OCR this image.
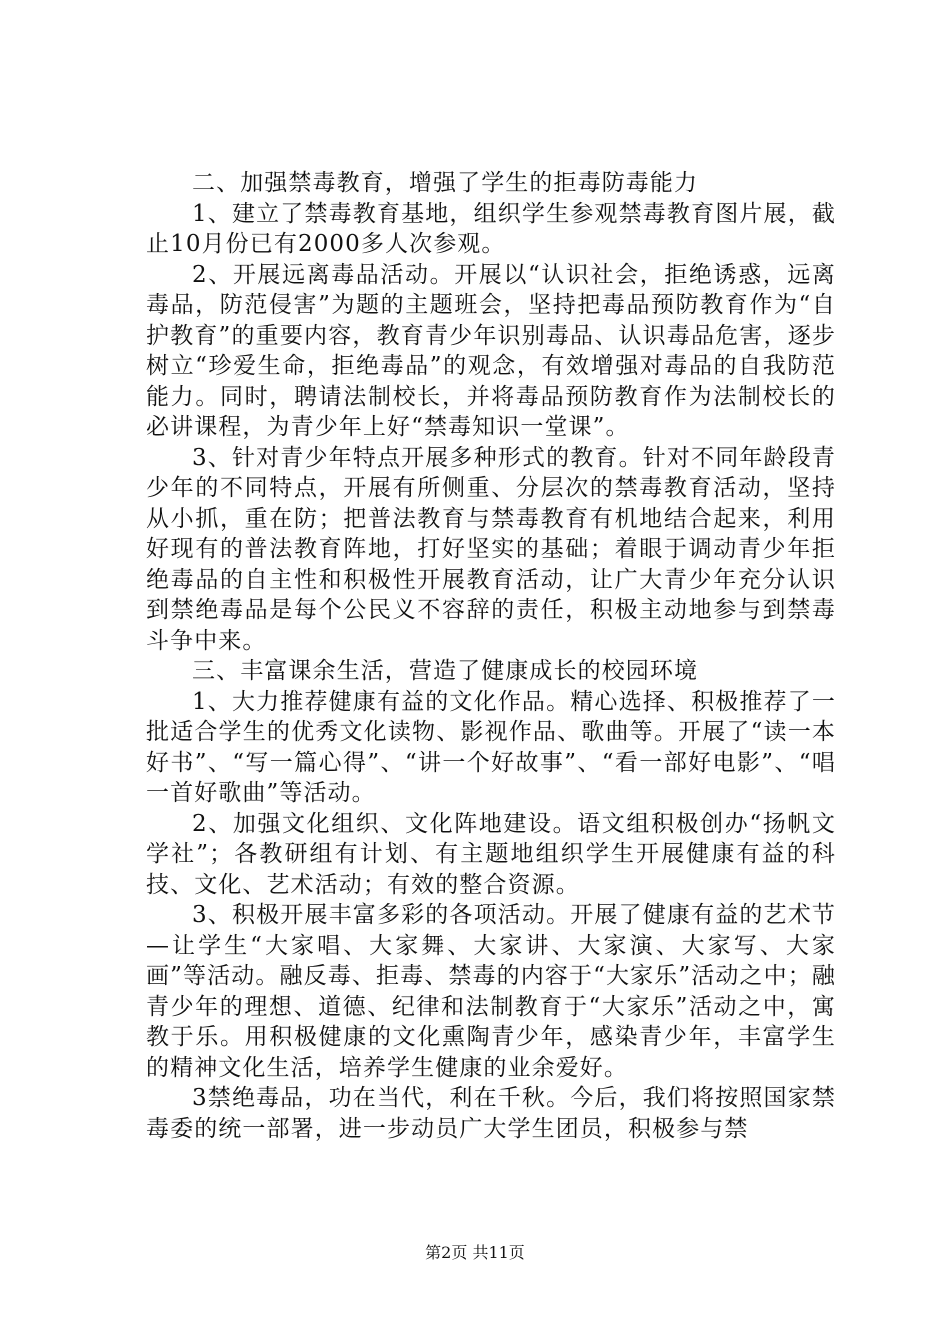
二、加强禁毒教育，增强了学生的拒毒防毒能力

1、建立了禁毒教育基地，组织学生参观禁毒教育图片展，截止10月份已有2000多人次参观。

2、开展远离毒品活动。开展以“认识社会，拒绝诱惑，远离毒品，防范侵害”为题的主题班会，坚持把毒品预防教育作为“自护教育”的重要内容，教育青少年识别毒品、认识毒品危害，逐步树立“珍爱生命，拒绝毒品”的观念，有效增强对毒品的自我防范能力。同时，聘请法制校长，并将毒品预防教育作为法制校长的必讲课程，为青少年上好“禁毒知识一堂课”。

3、针对青少年特点开展多种形式的教育。针对不同年龄段青少年的不同特点，开展有所侧重、分层次的禁毒教育活动，坚持从小抓，重在防；把普法教育与禁毒教育有机地结合起来，利用好现有的普法教育阵地，打好坚实的基础；着眼于调动青少年拒绝毒品的自主性和积极性开展教育活动，让广大青少年充分认识到禁绝毒品是每个公民义不容辞的责任，积极主动地参与到禁毒斗争中来。

三、丰富课余生活，营造了健康成长的校园环境

1、大力推荐健康有益的文化作品。精心选择、积极推荐了一批适合学生的优秀文化读物、影视作品、歌曲等。开展了“读一本好书”、“写一篇心得”、“讲一个好故事”、“看一部好电影”、“唱一首好歌曲”等活动。

2、加强文化组织、文化阵地建设。语文组积极创办“扬帆文学社”；各教研组有计划、有主题地组织学生开展健康有益的科技、文化、艺术活动；有效的整合资源。

3、积极开展丰富多彩的各项活动。开展了健康有益的艺术节—让学生“大家唱、大家舞、大家讲、大家演、大家写、大家画”等活动。融反毒、拒毒、禁毒的内容于“大家乐”活动之中；融青少年的理想、道德、纪律和法制教育于“大家乐”活动之中，寓教于乐。用积极健康的文化熏陶青少年，感染青少年，丰富学生的精神文化生活，培养学生健康的业余爱好。

3禁绝毒品，功在当代，利在千秋。今后，我们将按照国家禁毒委的统一部署，进一步动员广大学生团员，积极参与禁

第2页 共11页
